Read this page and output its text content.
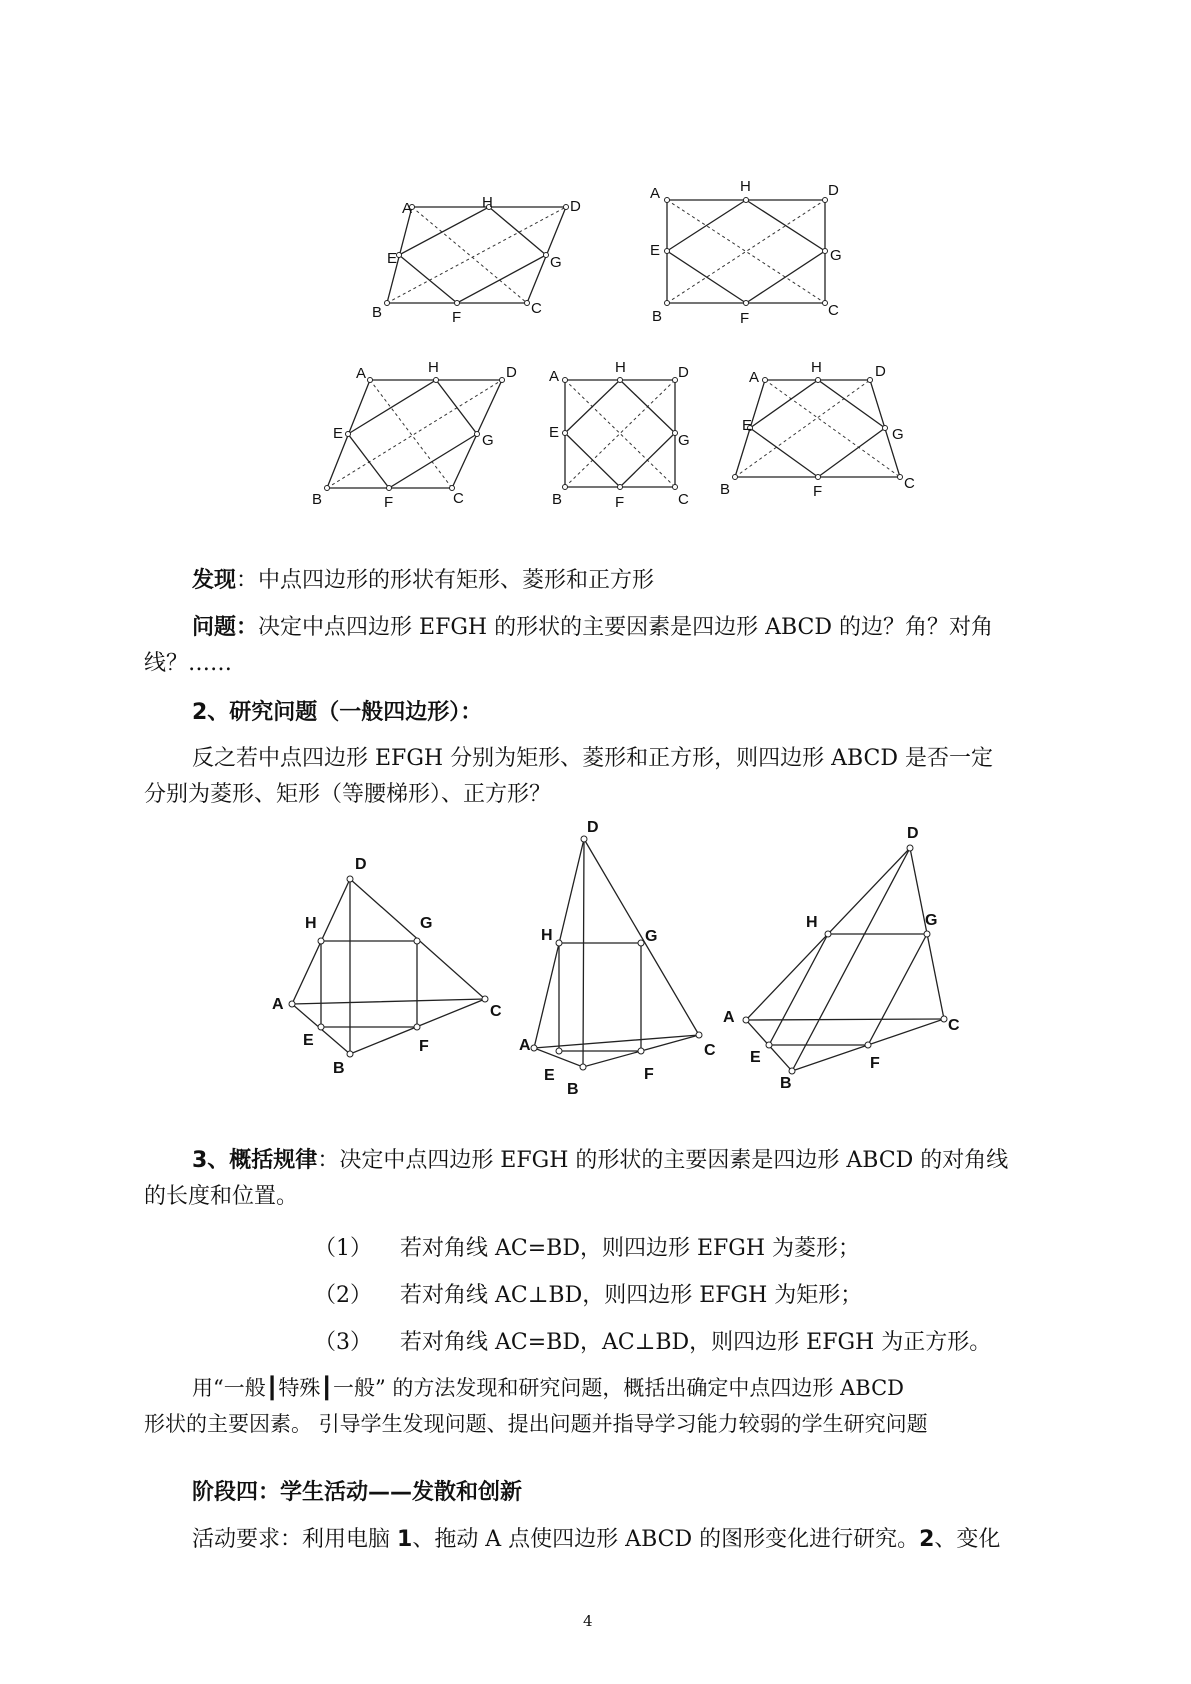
A	H	D
E	G
B	F
C
A	H	D
E	G
B	F	C
A	H	D
E	G
B	F	C
A
H	D
E	G
B	F	C
A
H	D
E
G
B	F	C
发现：中点四边形的形状有矩形、菱形和正方形
问题：决定中点四边形 EFGH 的形状的主要因素是四边形 ABCD 的边？角？对角
线？……
2、研究问题（一般四边形）：
反之若中点四边形 EFGH 分别为矩形、菱形和正方形，则四边形 ABCD 是否一定
分别为菱形、矩形（等腰梯形）、正方形？
D
H	G
A	C
E	F
B
D
H	G
A	C
E	F
B
D
H	G
A	C
E	F
B
3、概括规律：决定中点四边形 EFGH 的形状的主要因素是四边形 ABCD 的对角线
的长度和位置。
（1） 若对角线 AC=BD，则四边形 EFGH 为菱形；
（2） 若对角线 AC⊥BD，则四边形 EFGH 为矩形；
（3） 若对角线 AC=BD，AC⊥BD，则四边形 EFGH 为正方形。
用“一般┃特殊┃一般” 的方法发现和研究问题，概括出确定中点四边形 ABCD
形状的主要因素。 引导学生发现问题、提出问题并指导学习能力较弱的学生研究问题
阶段四：学生活动——发散和创新
活动要求：利用电脑 1、拖动 A 点使四边形 ABCD 的图形变化进行研究。2、变化
4
